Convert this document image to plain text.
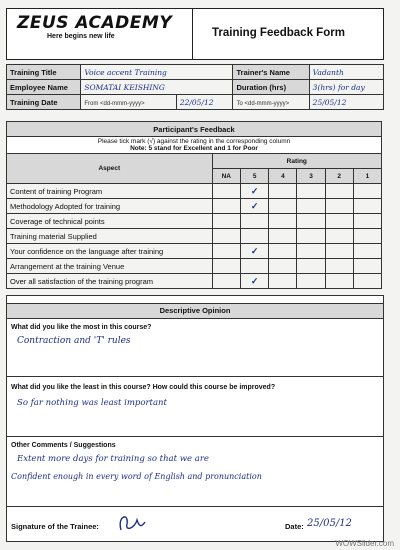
ZEUS ACADEMY
Here begins new life	Training Feedback Form
Training Title	Voice accent Training		Trainer's Name	Vadanth
Employee Name	SOMATAI KEISHING		Duration (hrs)	3(hrs) for day
Training Date	From <dd-mmm-yyyy>	22/05/12	To <dd-mmm-yyyy>	25/05/12
Participant's Feedback						

Please tick mark (√) against the rating in the corresponding column
Note: 5 stand for Excellent and 1 for Poor						

Aspect	Rating					
	NA	5	4	3	2	1
Content of training Program		✓				
Methodology Adopted for training		✓				
Coverage of technical points						
Training material Supplied						
Your confidence on the language after training		✓				
Arrangement at the training Venue						
Over all satisfaction of the training program		✓				
Descriptive Opinion
What did you like the most in this course?
Contraction and 'T' rules
What did you like the least in this course? How could this course be improved?
So far nothing was least important
Other Comments / Suggestions
Extent more days for training so that we are
Confident enough in every word of English and pronunciation
Signature of the Trainee:	Date: 25/05/12
WOWSlider.com
